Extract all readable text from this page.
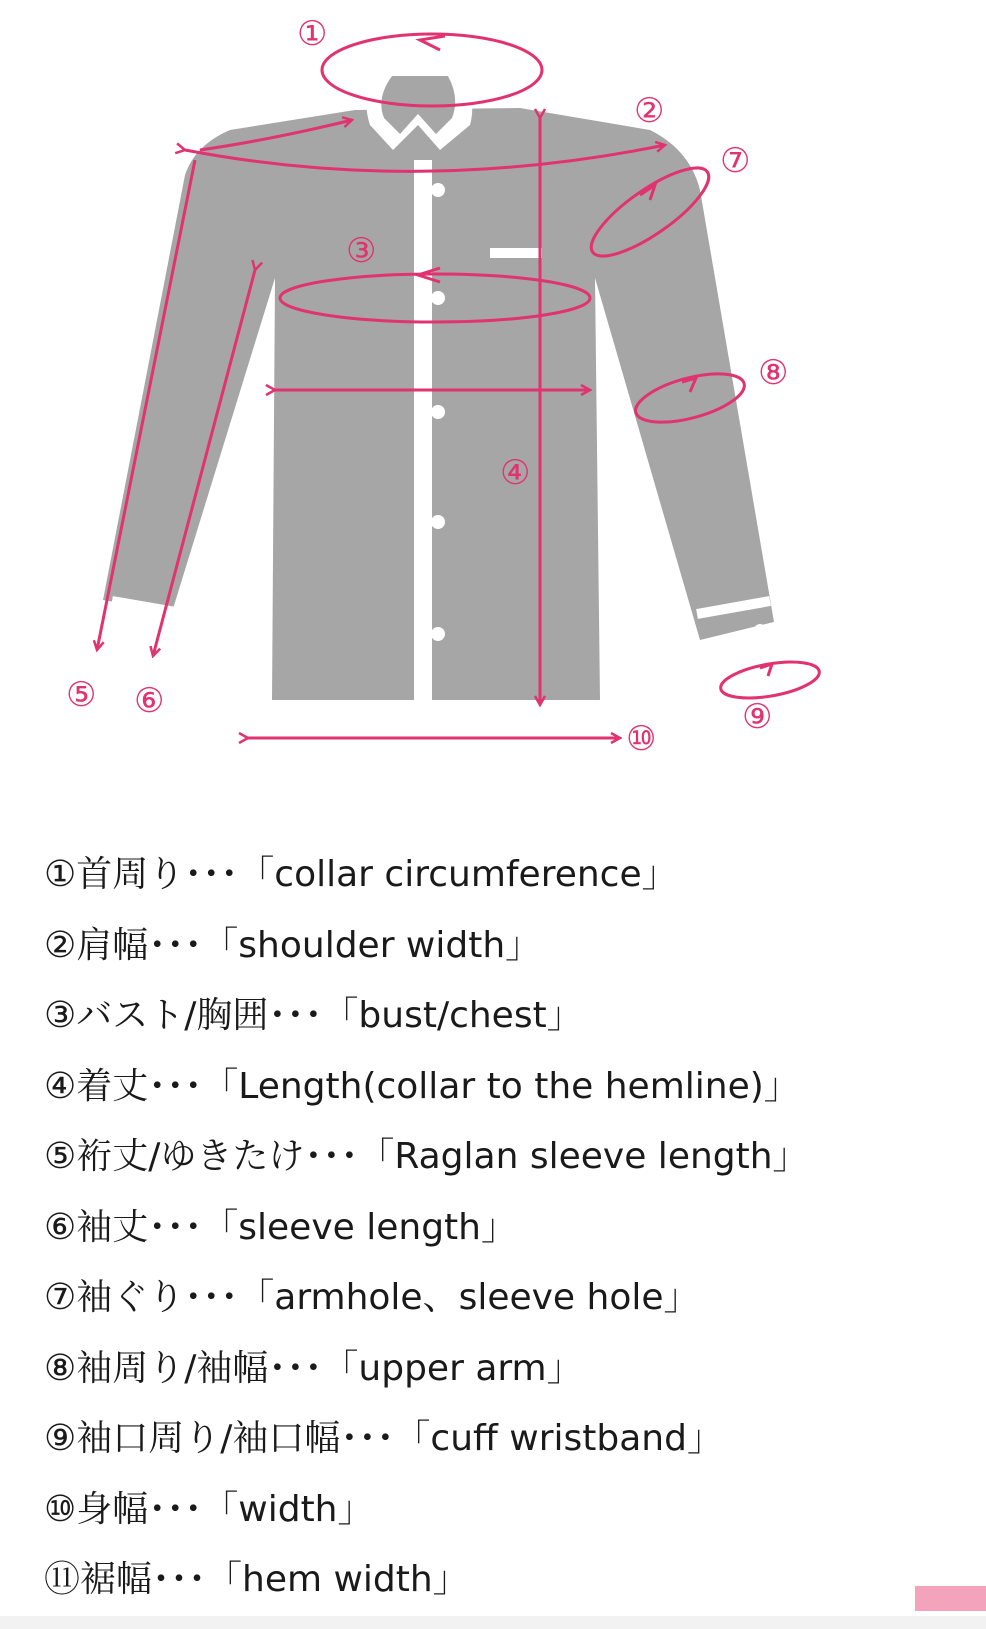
①
②
③
④
⑤ ⑥
⑦
⑧
⑨
⑩
①首周り･･･「collar circumference」
②肩幅･･･「shoulder width」
③バスト/胸囲･･･「bust/chest」
④着丈･･･「Length(collar to the hemline)」
⑤裄丈/ゆきたけ･･･「Raglan sleeve length」
⑥袖丈･･･「sleeve length」
⑦袖ぐり･･･「armhole、sleeve hole」
⑧袖周り/袖幅･･･「upper arm」
⑨袖口周り/袖口幅･･･「cuff wristband」
⑩身幅･･･「width」
⑪裾幅･･･「hem width」
